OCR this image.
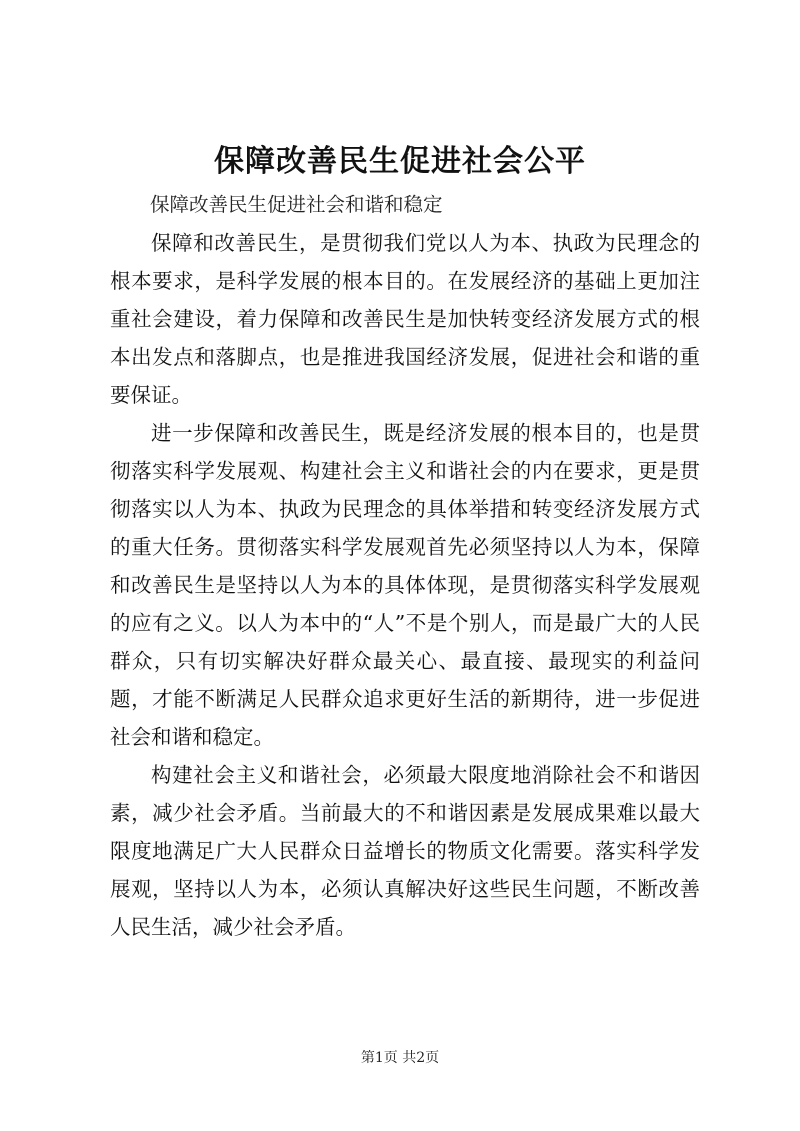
保障改善民生促进社会公平

保障改善民生促进社会和谐和稳定

保障和改善民生，是贯彻我们党以人为本、执政为民理念的根本要求，是科学发展的根本目的。在发展经济的基础上更加注重社会建设，着力保障和改善民生是加快转变经济发展方式的根本出发点和落脚点，也是推进我国经济发展，促进社会和谐的重要保证。

进一步保障和改善民生，既是经济发展的根本目的，也是贯彻落实科学发展观、构建社会主义和谐社会的内在要求，更是贯彻落实以人为本、执政为民理念的具体举措和转变经济发展方式的重大任务。贯彻落实科学发展观首先必须坚持以人为本，保障和改善民生是坚持以人为本的具体体现，是贯彻落实科学发展观的应有之义。以人为本中的“人”不是个别人，而是最广大的人民群众，只有切实解决好群众最关心、最直接、最现实的利益问题，才能不断满足人民群众追求更好生活的新期待，进一步促进社会和谐和稳定。

构建社会主义和谐社会，必须最大限度地消除社会不和谐因素，减少社会矛盾。当前最大的不和谐因素是发展成果难以最大限度地满足广大人民群众日益增长的物质文化需要。落实科学发展观，坚持以人为本，必须认真解决好这些民生问题，不断改善人民生活，减少社会矛盾。

第1页 共2页
